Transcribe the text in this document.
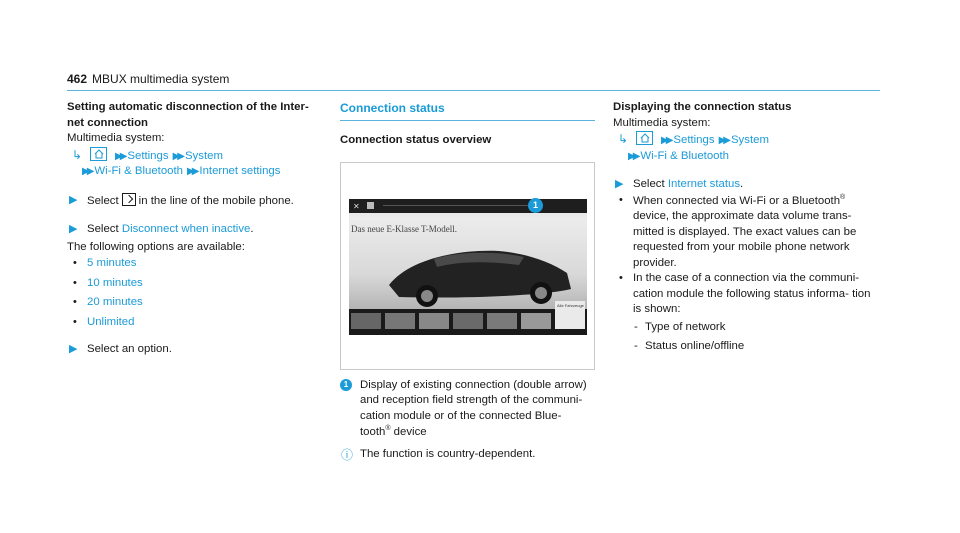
462 MBUX multimedia system
Setting automatic disconnection of the Inter- net connection
Multimedia system:
↳	▶▶ Settings ▶▶ System
▶▶ Wi-Fi & Bluetooth ▶▶ Internet settings
▶ Select in the line of the mobile phone.
▶ Select Disconnect when inactive.
The following options are available:
• 5 minutes
• 10 minutes
• 20 minutes
• Unlimited
▶ Select an option.
Connection status
Connection status overview
✕
Das neue E-Klasse T-Modell.
Alle Fahrzeuge
1
1	Display of existing connection (double arrow) and reception field strength of the communi- cation module or of the connected Blue- tooth® device
ⓘ The function is country-dependent.
Displaying the connection status
Multimedia system:
↳	▶▶ Settings ▶▶ System
▶▶ Wi-Fi & Bluetooth
▶ Select Internet status.
• When connected via Wi-Fi or a Bluetooth® device, the approximate data volume trans- mitted is displayed. The exact values can be requested from your mobile phone network provider.
• In the case of a connection via the communi- cation module the following status informa- tion is shown:
- Type of network
- Status online/offline
